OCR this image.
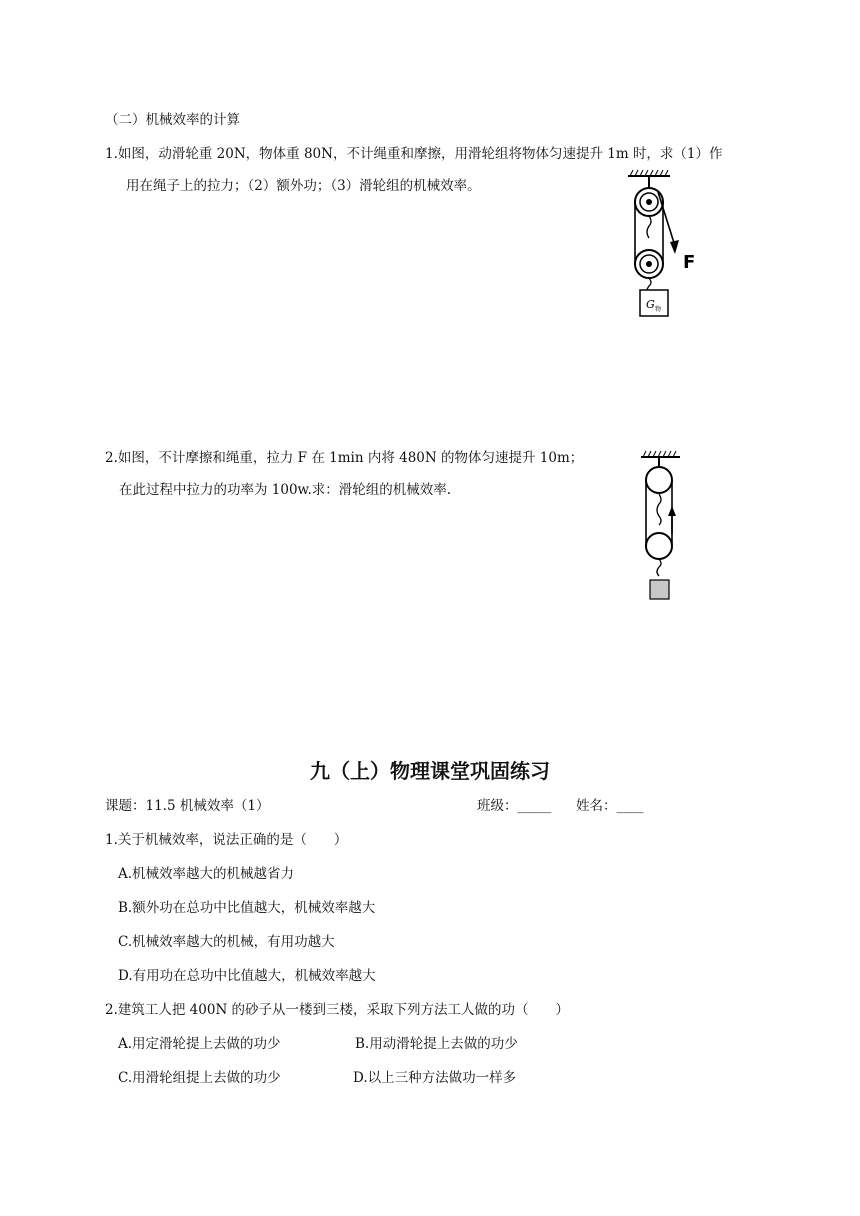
（二）机械效率的计算
1.如图，动滑轮重 20N，物体重 80N，不计绳重和摩擦，用滑轮组将物体匀速提升 1m 时，求（1）作
用在绳子上的拉力；（2）额外功；（3）滑轮组的机械效率。
F
G 物
2.如图，不计摩擦和绳重，拉力 F 在 1min 内将 480N 的物体匀速提升 10m；
在此过程中拉力的功率为 100w.求：滑轮组的机械效率.
九（上）物理课堂巩固练习
课题：11.5 机械效率（1）	班级：_____ 姓名：____
1.关于机械效率，说法正确的是（　　）
A.机械效率越大的机械越省力
B.额外功在总功中比值越大，机械效率越大
C.机械效率越大的机械，有用功越大
D.有用功在总功中比值越大，机械效率越大
2.建筑工人把 400N 的砂子从一楼到三楼，采取下列方法工人做的功（　　）
A.用定滑轮提上去做的功少	B.用动滑轮提上去做的功少
C.用滑轮组提上去做的功少	D.以上三种方法做功一样多
